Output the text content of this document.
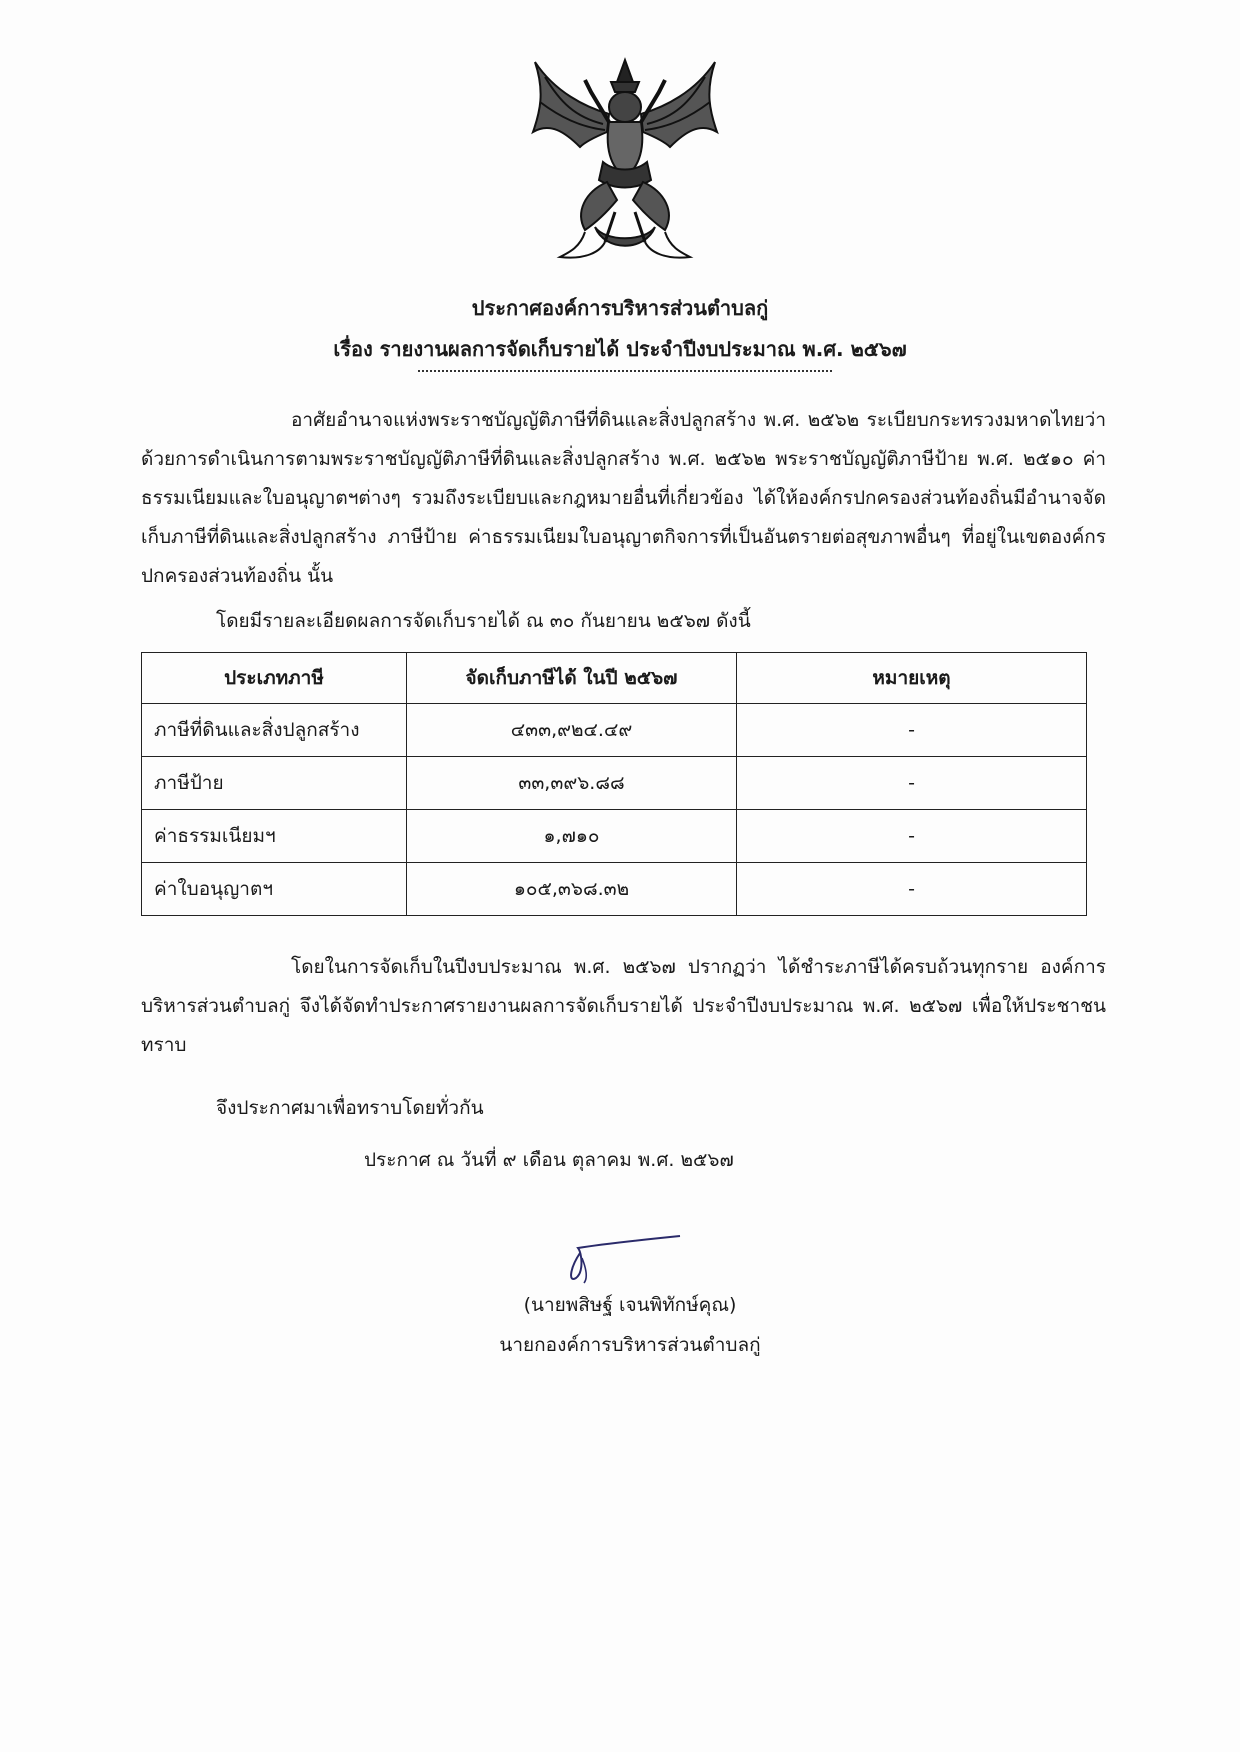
ประกาศองค์การบริหารส่วนตำบลกู่
เรื่อง รายงานผลการจัดเก็บรายได้ ประจำปีงบประมาณ พ.ศ. ๒๕๖๗

อาศัยอำนาจแห่งพระราชบัญญัติภาษีที่ดินและสิ่งปลูกสร้าง พ.ศ. ๒๕๖๒ ระเบียบกระทรวงมหาดไทยว่าด้วยการดำเนินการตามพระราชบัญญัติภาษีที่ดินและสิ่งปลูกสร้าง พ.ศ. ๒๕๖๒ พระราชบัญญัติภาษีป้าย พ.ศ. ๒๕๑๐ ค่าธรรมเนียมและใบอนุญาตฯต่างๆ รวมถึงระเบียบและกฎหมายอื่นที่เกี่ยวข้อง ได้ให้องค์กรปกครองส่วนท้องถิ่นมีอำนาจจัดเก็บภาษีที่ดินและสิ่งปลูกสร้าง ภาษีป้าย ค่าธรรมเนียมใบอนุญาตกิจการที่เป็นอันตรายต่อสุขภาพอื่นๆ ที่อยู่ในเขตองค์กรปกครองส่วนท้องถิ่น นั้น

โดยมีรายละเอียดผลการจัดเก็บรายได้ ณ ๓๐ กันยายน ๒๕๖๗ ดังนี้

ประเภทภาษี	จัดเก็บภาษีได้ ในปี ๒๕๖๗	หมายเหตุ
ภาษีที่ดินและสิ่งปลูกสร้าง	๔๓๓,๙๒๔.๔๙	-
ภาษีป้าย	๓๓,๓๙๖.๘๘	-
ค่าธรรมเนียมฯ	๑,๗๑๐	-
ค่าใบอนุญาตฯ	๑๐๕,๓๖๘.๓๒	-

โดยในการจัดเก็บในปีงบประมาณ พ.ศ. ๒๕๖๗ ปรากฏว่า ได้ชำระภาษีได้ครบถ้วนทุกราย องค์การบริหารส่วนตำบลกู่ จึงได้จัดทำประกาศรายงานผลการจัดเก็บรายได้ ประจำปีงบประมาณ พ.ศ. ๒๕๖๗ เพื่อให้ประชาชนทราบ

จึงประกาศมาเพื่อทราบโดยทั่วกัน

ประกาศ ณ วันที่ ๙ เดือน ตุลาคม พ.ศ. ๒๕๖๗

(นายพสิษฐ์ เจนพิทักษ์คุณ)
นายกองค์การบริหารส่วนตำบลกู่
